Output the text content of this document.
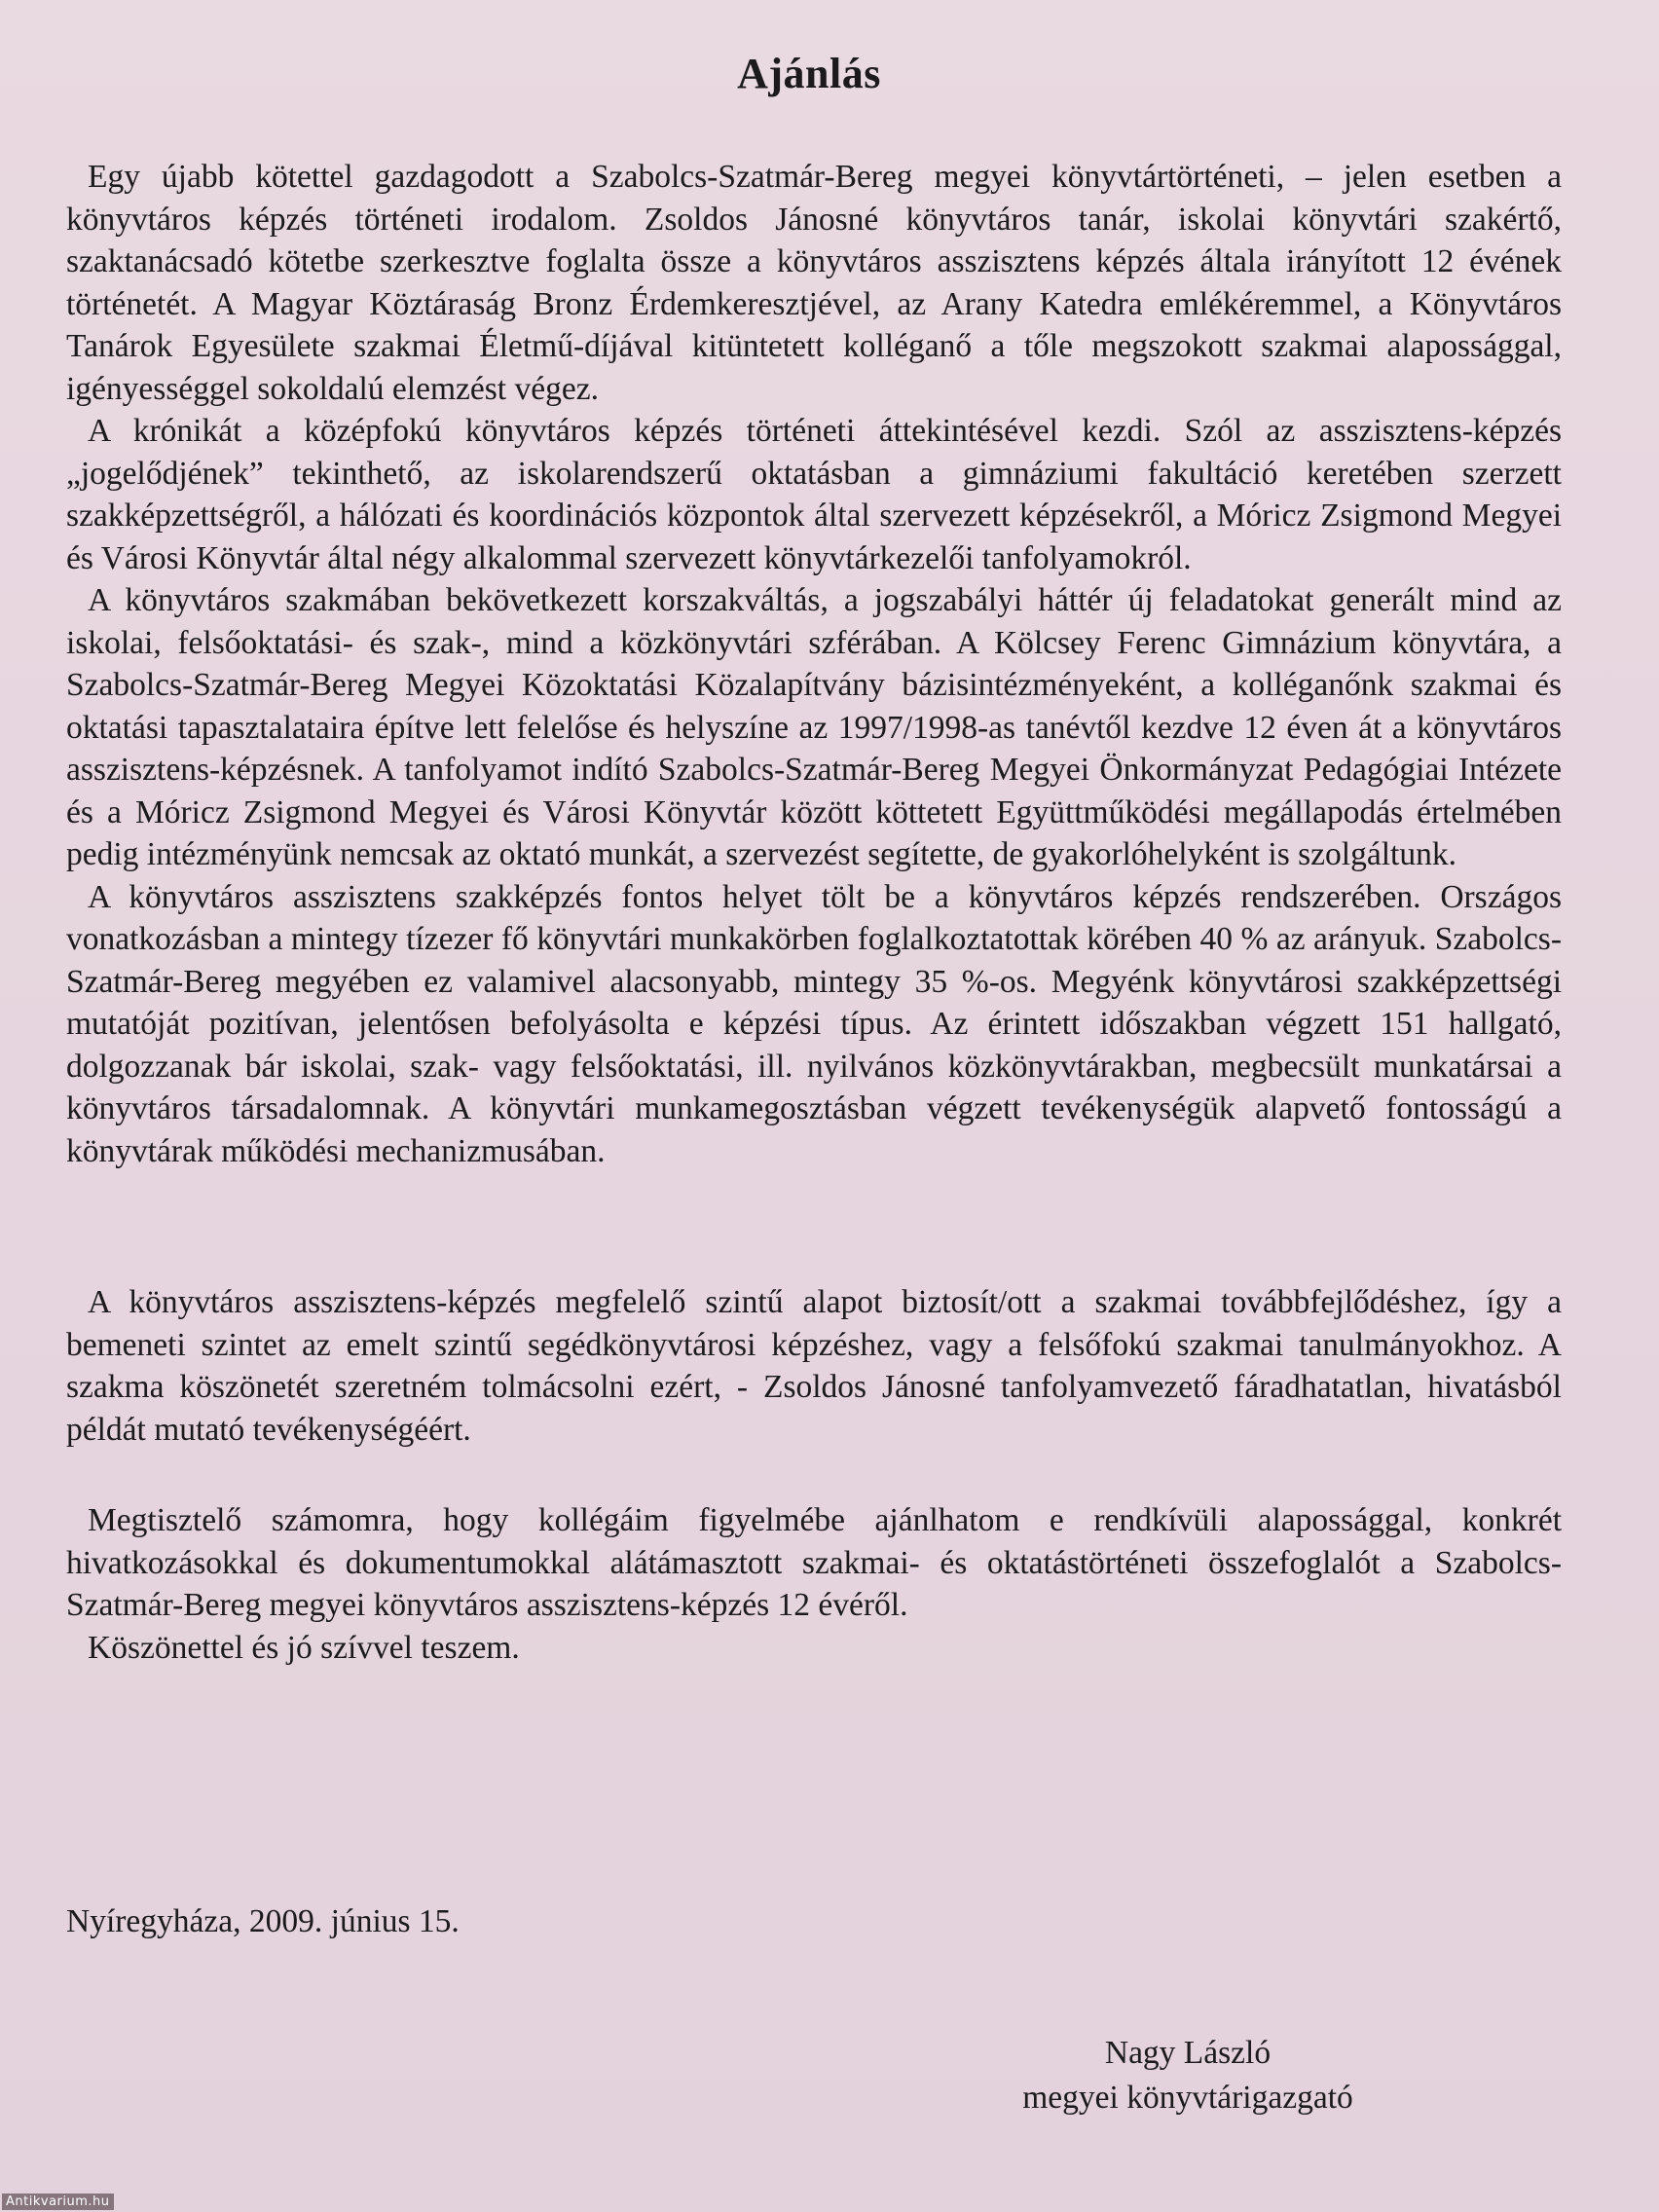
Ajánlás

Egy újabb kötettel gazdagodott a Szabolcs-Szatmár-Bereg megyei könyvtártörténeti, – jelen esetben a könyvtáros képzés történeti irodalom. Zsoldos Jánosné könyvtáros tanár, iskolai könyvtári szakértő, szaktanácsadó kötetbe szerkesztve foglalta össze a könyvtáros asszisztens képzés általa irányított 12 évének történetét. A Magyar Köztáraság Bronz Érdemkeresztjével, az Arany Katedra emlékéremmel, a Könyvtáros Tanárok Egyesülete szakmai Életmű-díjával kitüntetett kolléganő a tőle megszokott szakmai alapossággal, igényességgel sokoldalú elemzést végez.

A krónikát a középfokú könyvtáros képzés történeti áttekintésével kezdi. Szól az asszisztens-képzés „jogelődjének” tekinthető, az iskolarendszerű oktatásban a gimnáziumi fakultáció keretében szerzett szakképzettségről, a hálózati és koordinációs központok által szervezett képzésekről, a Móricz Zsigmond Megyei és Városi Könyvtár által négy alkalommal szervezett könyvtárkezelői tanfolyamokról.

A könyvtáros szakmában bekövetkezett korszakváltás, a jogszabályi háttér új feladatokat generált mind az iskolai, felsőoktatási- és szak-, mind a közkönyvtári szférában. A Kölcsey Ferenc Gimnázium könyvtára, a Szabolcs-Szatmár-Bereg Megyei Közoktatási Közalapítvány bázisintézményeként, a kolléganőnk szakmai és oktatási tapasztalataira építve lett felelőse és helyszíne az 1997/1998-as tanévtől kezdve 12 éven át a könyvtáros asszisztens-képzésnek. A tanfolyamot indító Szabolcs-Szatmár-Bereg Megyei Önkormányzat Pedagógiai Intézete és a Móricz Zsigmond Megyei és Városi Könyvtár között köttetett Együttműködési megállapodás értelmében pedig intézményünk nemcsak az oktató munkát, a szervezést segítette, de gyakorlóhelyként is szolgáltunk.

A könyvtáros asszisztens szakképzés fontos helyet tölt be a könyvtáros képzés rendszerében. Országos vonatkozásban a mintegy tízezer fő könyvtári munkakörben foglalkoztatottak körében 40 % az arányuk. Szabolcs-Szatmár-Bereg megyében ez valamivel alacsonyabb, mintegy 35 %-os. Megyénk könyvtárosi szakképzettségi mutatóját pozitívan, jelentősen befolyásolta e képzési típus. Az érintett időszakban végzett 151 hallgató, dolgozzanak bár iskolai, szak- vagy felsőoktatási, ill. nyilvános közkönyvtárakban, megbecsült munkatársai a könyvtáros társadalomnak. A könyvtári munkamegosztásban végzett tevékenységük alapvető fontosságú a könyvtárak működési mechanizmusában.

A könyvtáros asszisztens-képzés megfelelő szintű alapot biztosít/ott a szakmai továbbfejlődéshez, így a bemeneti szintet az emelt szintű segédkönyvtárosi képzéshez, vagy a felsőfokú szakmai tanulmányokhoz. A szakma köszönetét szeretném tolmácsolni ezért, - Zsoldos Jánosné tanfolyamvezető fáradhatatlan, hivatásból példát mutató tevékenységéért.

Megtisztelő számomra, hogy kollégáim figyelmébe ajánlhatom e rendkívüli alapossággal, konkrét hivatkozásokkal és dokumentumokkal alátámasztott szakmai- és oktatástörténeti összefoglalót a Szabolcs-Szatmár-Bereg megyei könyvtáros asszisztens-képzés 12 évéről.

Köszönettel és jó szívvel teszem.

Nyíregyháza, 2009. június 15.
Nagy László
megyei könyvtárigazgató
Antikvarium.hu
